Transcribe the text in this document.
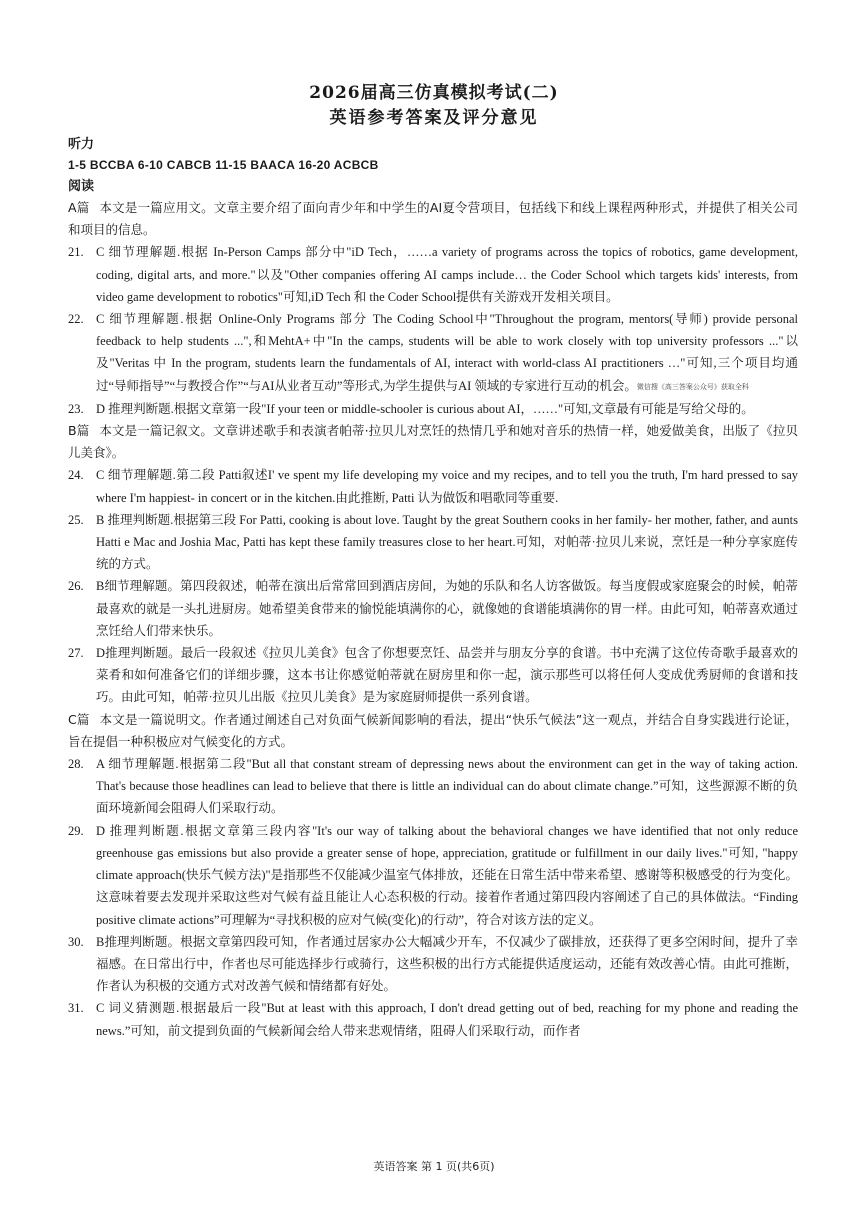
2026届高三仿真模拟考试(二)
英语参考答案及评分意见
听力
1-5 BCCBA 6-10 CABCB 11-15 BAACA 16-20 ACBCB
阅读
A篇 本文是一篇应用文。文章主要介绍了面向青少年和中学生的AI夏令营项目，包括线下和线上课程两种形式，并提供了相关公司和项目的信息。
21. C 细节理解题.根据 In-Person Camps 部分中"iD Tech，……a variety of programs across the topics of robotics, game development, coding, digital arts, and more."以及"Other companies offering AI camps include… the Coder School which targets kids' interests, from video game development to robotics"可知,iD Tech 和 the Coder School提供有关游戏开发相关项目。
22. C 细节理解题.根据 Online-Only Programs 部分 The Coding School中"Throughout the program, mentors(导师) provide personal feedback to help students ...",和MehtA+中"In the camps, students will be able to work closely with top university professors ..."以及"Veritas 中 In the program, students learn the fundamentals of AI, interact with world-class AI practitioners …"可知,三个项目均通过“导师指导”“与教授合作”“与AI从业者互动”等形式,为学生提供与AI 领域的专家进行互动的机会。微信搜《高三答案公众号》获取全科
23. D 推理判断题.根据文章第一段"If your teen or middle-schooler is curious about AI，……"可知,文章最有可能是写给父母的。
B篇 本文是一篇记叙文。文章讲述歌手和表演者帕蒂·拉贝儿对烹饪的热情几乎和她对音乐的热情一样，她爱做美食，出版了《拉贝儿美食》。
24. C 细节理解题.第二段 Patti叙述I' ve spent my life developing my voice and my recipes, and to tell you the truth, I'm hard pressed to say where I'm happiest- in concert or in the kitchen.由此推断, Patti 认为做饭和唱歌同等重要.
25. B 推理判断题.根据第三段 For Patti, cooking is about love. Taught by the great Southern cooks in her family- her mother, father, and aunts Hatti e Mac and Joshia Mac, Patti has kept these family treasures close to her heart.可知，对帕蒂·拉贝儿来说，烹饪是一种分享家庭传统的方式。
26. B细节理解题。第四段叙述，帕蒂在演出后常常回到酒店房间，为她的乐队和名人访客做饭。每当度假或家庭聚会的时候，帕蒂最喜欢的就是一头扎进厨房。她希望美食带来的愉悦能填满你的心，就像她的食谱能填满你的胃一样。由此可知，帕蒂喜欢通过烹饪给人们带来快乐。
27. D推理判断题。最后一段叙述《拉贝儿美食》包含了你想要烹饪、品尝并与朋友分享的食谱。书中充满了这位传奇歌手最喜欢的菜肴和如何准备它们的详细步骤，这本书让你感觉帕蒂就在厨房里和你一起，演示那些可以将任何人变成优秀厨师的食谱和技巧。由此可知，帕蒂·拉贝儿出版《拉贝儿美食》是为家庭厨师提供一系列食谱。
C篇 本文是一篇说明文。作者通过阐述自己对负面气候新闻影响的看法，提出“快乐气候法”这一观点，并结合自身实践进行论证，旨在提倡一种积极应对气候变化的方式。
28. A 细节理解题.根据第二段"But all that constant stream of depressing news about the environment can get in the way of taking action. That's because those headlines can lead to believe that there is little an individual can do about climate change.”可知，这些源源不断的负面环境新闻会阻碍人们采取行动。
29. D 推理判断题.根据文章第三段内容"It's our way of talking about the behavioral changes we have identified that not only reduce greenhouse gas emissions but also provide a greater sense of hope, appreciation, gratitude or fulfillment in our daily lives."可知, "happy climate approach(快乐气候方法)"是指那些不仅能减少温室气体排放，还能在日常生活中带来希望、感谢等积极感受的行为变化。这意味着要去发现并采取这些对气候有益且能让人心态积极的行动。接着作者通过第四段内容阐述了自己的具体做法。“Finding positive climate actions”可理解为“寻找积极的应对气候(变化)的行动”，符合对该方法的定义。
30. B推理判断题。根据文章第四段可知，作者通过居家办公大幅减少开车，不仅减少了碳排放，还获得了更多空闲时间，提升了幸福感。在日常出行中，作者也尽可能选择步行或骑行，这些积极的出行方式能提供适度运动，还能有效改善心情。由此可推断，作者认为积极的交通方式对改善气候和情绪都有好处。
31. C 词义猜测题.根据最后一段"But at least with this approach, I don't dread getting out of bed, reaching for my phone and reading the news.”可知，前文提到负面的气候新闻会给人带来悲观情绪，阻碍人们采取行动，而作者
英语答案 第 1 页(共6页)
